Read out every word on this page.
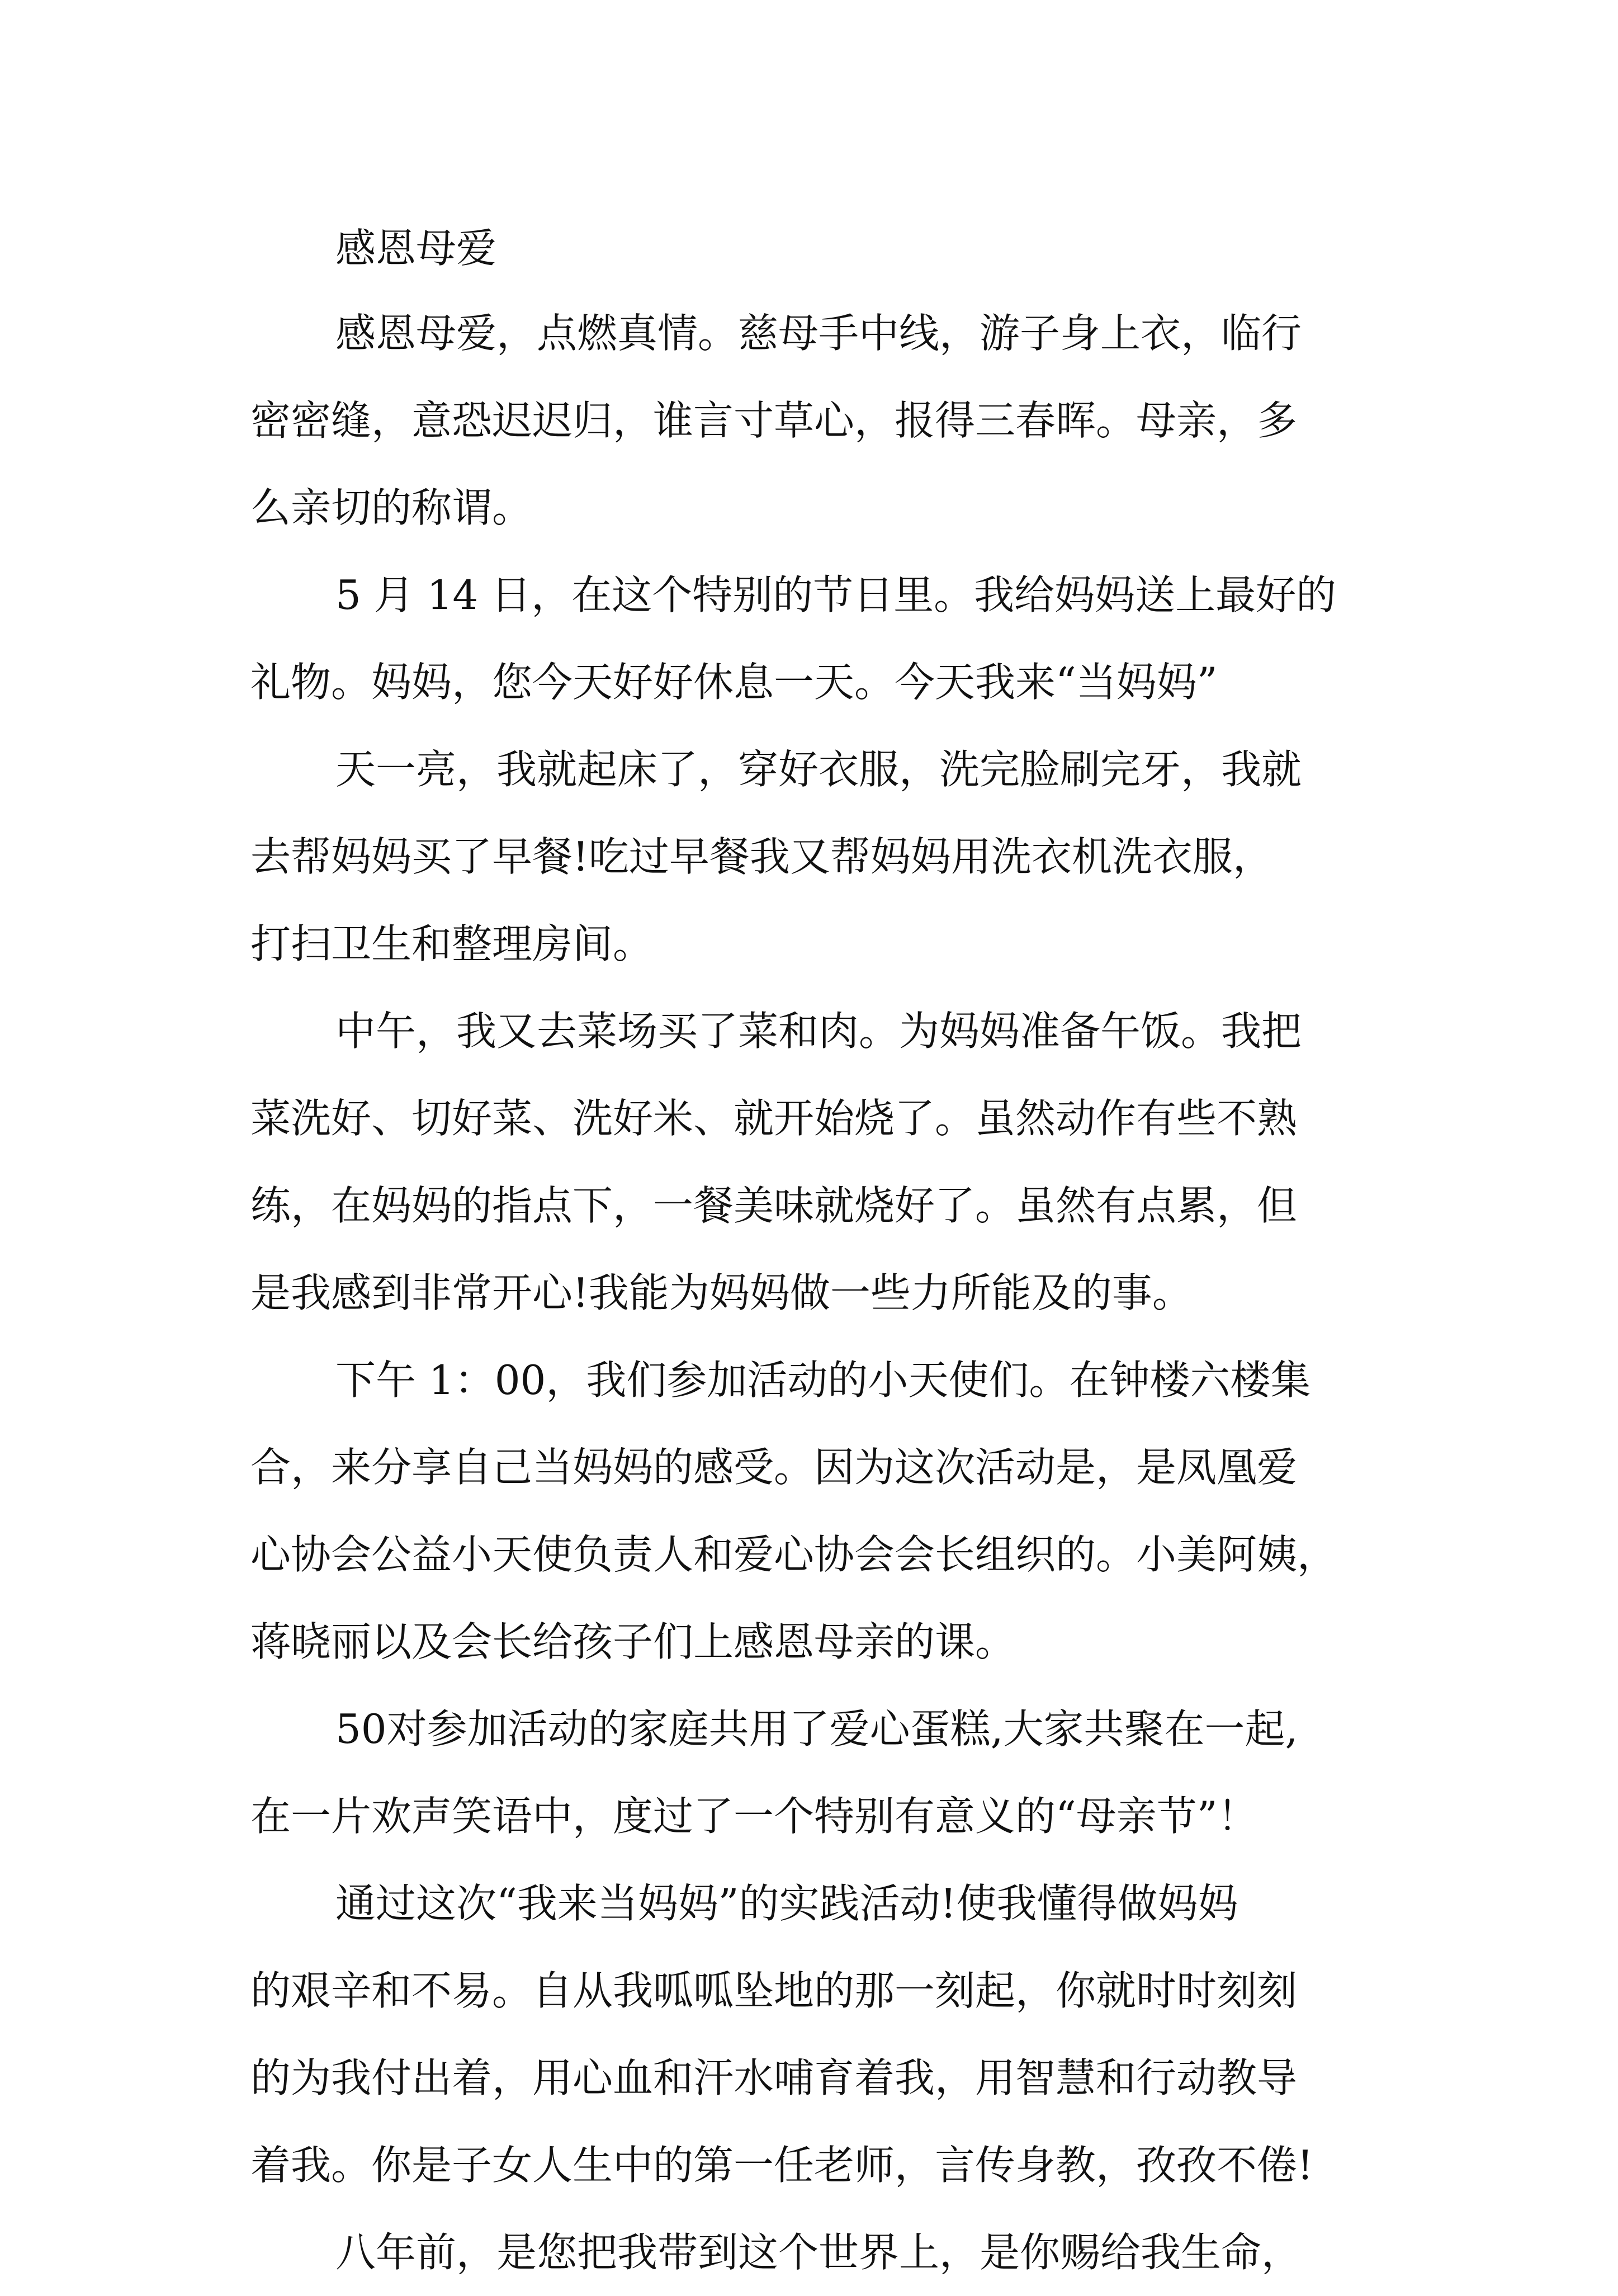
感恩母爱
感恩母爱，点燃真情。慈母手中线，游子身上衣，临行
密密缝，意恐迟迟归，谁言寸草心，报得三春晖。母亲，多
么亲切的称谓。
5 月 14 日，在这个特别的节日里。我给妈妈送上最好的
礼物。妈妈，您今天好好休息一天。今天我来“当妈妈”
天一亮，我就起床了，穿好衣服，洗完脸刷完牙，我就
去帮妈妈买了早餐!吃过早餐我又帮妈妈用洗衣机洗衣服，
打扫卫生和整理房间。
中午，我又去菜场买了菜和肉。为妈妈准备午饭。我把
菜洗好、切好菜、洗好米、就开始烧了。虽然动作有些不熟
练，在妈妈的指点下，一餐美味就烧好了。虽然有点累，但
是我感到非常开心!我能为妈妈做一些力所能及的事。
下午 1：00，我们参加活动的小天使们。在钟楼六楼集
合，来分享自己当妈妈的感受。因为这次活动是，是凤凰爱
心协会公益小天使负责人和爱心协会会长组织的。小美阿姨，
蒋晓丽以及会长给孩子们上感恩母亲的课。
50对参加活动的家庭共用了爱心蛋糕,大家共聚在一起,
在一片欢声笑语中，度过了一个特别有意义的“母亲节”！
通过这次“我来当妈妈”的实践活动!使我懂得做妈妈
的艰辛和不易。自从我呱呱坠地的那一刻起，你就时时刻刻
的为我付出着，用心血和汗水哺育着我，用智慧和行动教导
着我。你是子女人生中的第一任老师，言传身教，孜孜不倦!
八年前，是您把我带到这个世界上，是你赐给我生命，
